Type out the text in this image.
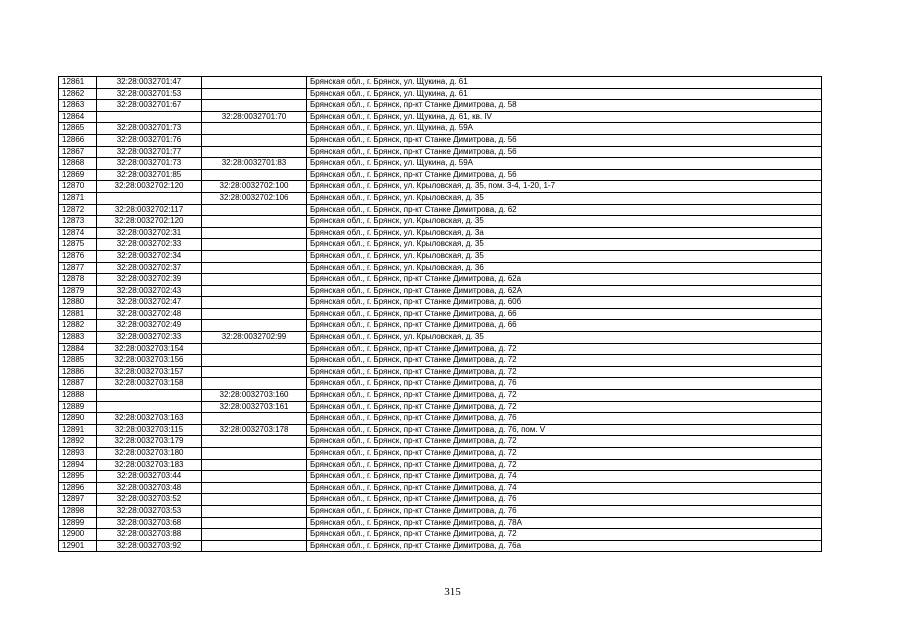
12861	32:28:0032701:47		Брянская обл., г. Брянск, ул. Щукина, д. 61
12862	32:28:0032701:53		Брянская обл., г. Брянск, ул. Щукина, д. 61
12863	32:28:0032701:67		Брянская обл., г. Брянск, пр-кт Станке Димитрова, д. 58
12864		32:28:0032701:70	Брянская обл., г. Брянск, ул. Щукина, д. 61, кв. IV
12865	32:28:0032701:73		Брянская обл., г. Брянск, ул. Щукина, д. 59А
12866	32:28:0032701:76		Брянская обл., г. Брянск, пр-кт Станке Димитрова, д. 56
12867	32:28:0032701:77		Брянская обл., г. Брянск, пр-кт Станке Димитрова, д. 56
12868	32:28:0032701:73	32:28:0032701:83	Брянская обл., г. Брянск, ул. Щукина, д. 59А
12869	32:28:0032701:85		Брянская обл., г. Брянск, пр-кт Станке Димитрова, д. 56
12870	32:28:0032702:120	32:28:0032702:100	Брянская обл., г. Брянск, ул. Крыловская, д. 35, пом. 3-4, 1-20, 1-7
12871		32:28:0032702:106	Брянская обл., г. Брянск, ул. Крыловская, д. 35
12872	32:28:0032702:117		Брянская обл., г. Брянск, пр-кт Станке Димитрова, д. 62
12873	32:28:0032702:120		Брянская обл., г. Брянск, ул. Крыловская, д. 35
12874	32:28:0032702:31		Брянская обл., г. Брянск, ул. Крыловская, д. 3а
12875	32:28:0032702:33		Брянская обл., г. Брянск, ул. Крыловская, д. 35
12876	32:28:0032702:34		Брянская обл., г. Брянск, ул. Крыловская, д. 35
12877	32:28:0032702:37		Брянская обл., г. Брянск, ул. Крыловская, д. 36
12878	32:28:0032702:39		Брянская обл., г. Брянск, пр-кт Станке Димитрова, д. 62а
12879	32:28:0032702:43		Брянская обл., г. Брянск, пр-кт Станке Димитрова, д. 62А
12880	32:28:0032702:47		Брянская обл., г. Брянск, пр-кт Станке Димитрова, д. 60б
12881	32:28:0032702:48		Брянская обл., г. Брянск, пр-кт Станке Димитрова, д. 66
12882	32:28:0032702:49		Брянская обл., г. Брянск, пр-кт Станке Димитрова, д. 66
12883	32:28:0032702:33	32:28:0032702:99	Брянская обл., г. Брянск, ул. Крыловская, д. 35
12884	32:28:0032703:154		Брянская обл., г. Брянск, пр-кт Станке Димитрова, д. 72
12885	32:28:0032703:156		Брянская обл., г. Брянск, пр-кт Станке Димитрова, д. 72
12886	32:28:0032703:157		Брянская обл., г. Брянск, пр-кт Станке Димитрова, д. 72
12887	32:28:0032703:158		Брянская обл., г. Брянск, пр-кт Станке Димитрова, д. 76
12888		32:28:0032703:160	Брянская обл., г. Брянск, пр-кт Станке Димитрова, д. 72
12889		32:28:0032703:161	Брянская обл., г. Брянск, пр-кт Станке Димитрова, д. 72
12890	32:28:0032703:163		Брянская обл., г. Брянск, пр-кт Станке Димитрова, д. 76
12891	32:28:0032703:115	32:28:0032703:178	Брянская обл., г. Брянск, пр-кт Станке Димитрова, д. 76, пом. V
12892	32:28:0032703:179		Брянская обл., г. Брянск, пр-кт Станке Димитрова, д. 72
12893	32:28:0032703:180		Брянская обл., г. Брянск, пр-кт Станке Димитрова, д. 72
12894	32:28:0032703:183		Брянская обл., г. Брянск, пр-кт Станке Димитрова, д. 72
12895	32:28:0032703:44		Брянская обл., г. Брянск, пр-кт Станке Димитрова, д. 74
12896	32:28:0032703:48		Брянская обл., г. Брянск, пр-кт Станке Димитрова, д. 74
12897	32:28:0032703:52		Брянская обл., г. Брянск, пр-кт Станке Димитрова, д. 76
12898	32:28:0032703:53		Брянская обл., г. Брянск, пр-кт Станке Димитрова, д. 76
12899	32:28:0032703:68		Брянская обл., г. Брянск, пр-кт Станке Димитрова, д. 78А
12900	32:28:0032703:88		Брянская обл., г. Брянск, пр-кт Станке Димитрова, д. 72
12901	32:28:0032703:92		Брянская обл., г. Брянск, пр-кт Станке Димитрова, д. 76а
315
